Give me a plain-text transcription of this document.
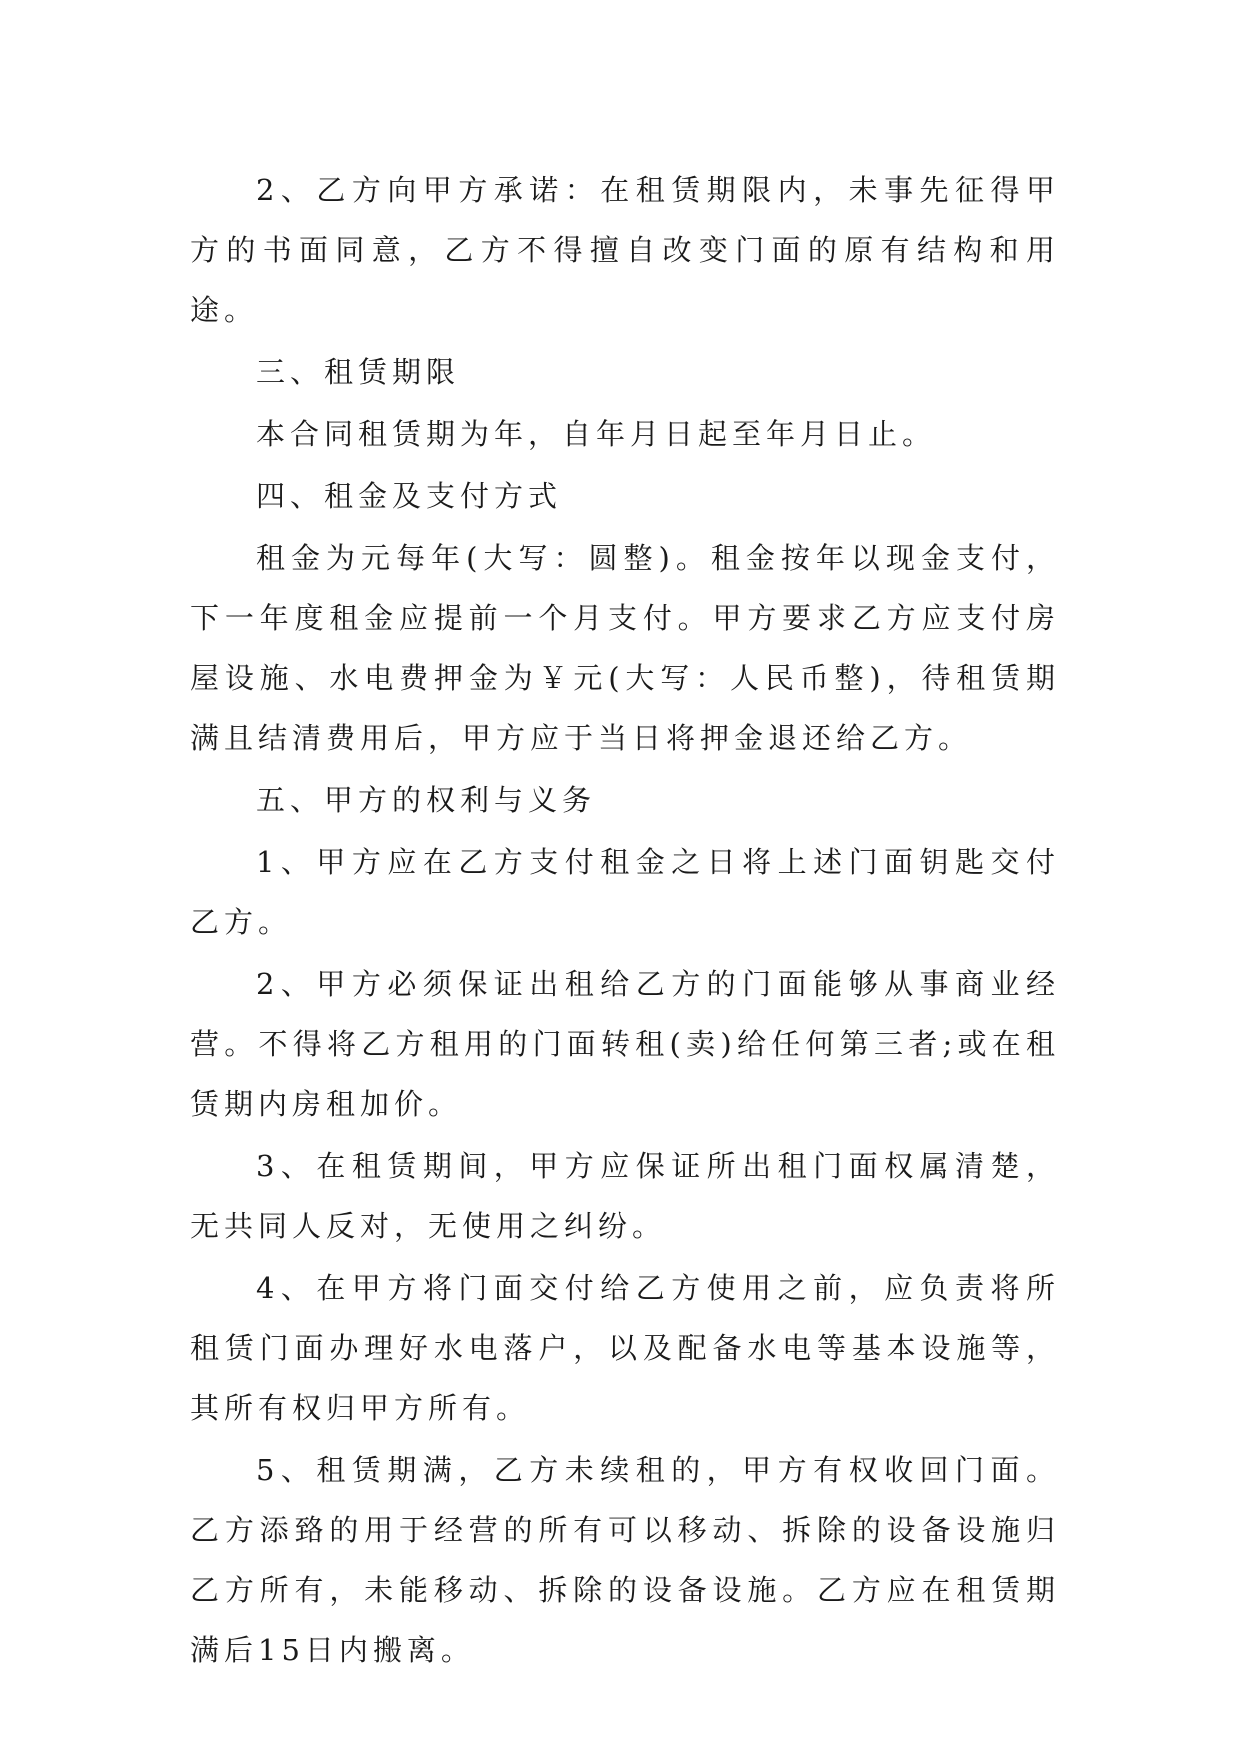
2、乙方向甲方承诺：在租赁期限内，未事先征得甲方的书面同意，乙方不得擅自改变门面的原有结构和用途。

三、租赁期限

本合同租赁期为年，自年月日起至年月日止。

四、租金及支付方式

租金为元每年(大写：圆整)。租金按年以现金支付，下一年度租金应提前一个月支付。甲方要求乙方应支付房屋设施、水电费押金为￥元(大写：人民币整)，待租赁期满且结清费用后，甲方应于当日将押金退还给乙方。

五、甲方的权利与义务

1、甲方应在乙方支付租金之日将上述门面钥匙交付乙方。

2、甲方必须保证出租给乙方的门面能够从事商业经营。不得将乙方租用的门面转租(卖)给任何第三者;或在租赁期内房租加价。

3、在租赁期间，甲方应保证所出租门面权属清楚，无共同人反对，无使用之纠纷。

4、在甲方将门面交付给乙方使用之前，应负责将所租赁门面办理好水电落户，以及配备水电等基本设施等，其所有权归甲方所有。

5、租赁期满，乙方未续租的，甲方有权收回门面。乙方添臵的用于经营的所有可以移动、拆除的设备设施归乙方所有，未能移动、拆除的设备设施。乙方应在租赁期满后15日内搬离。
